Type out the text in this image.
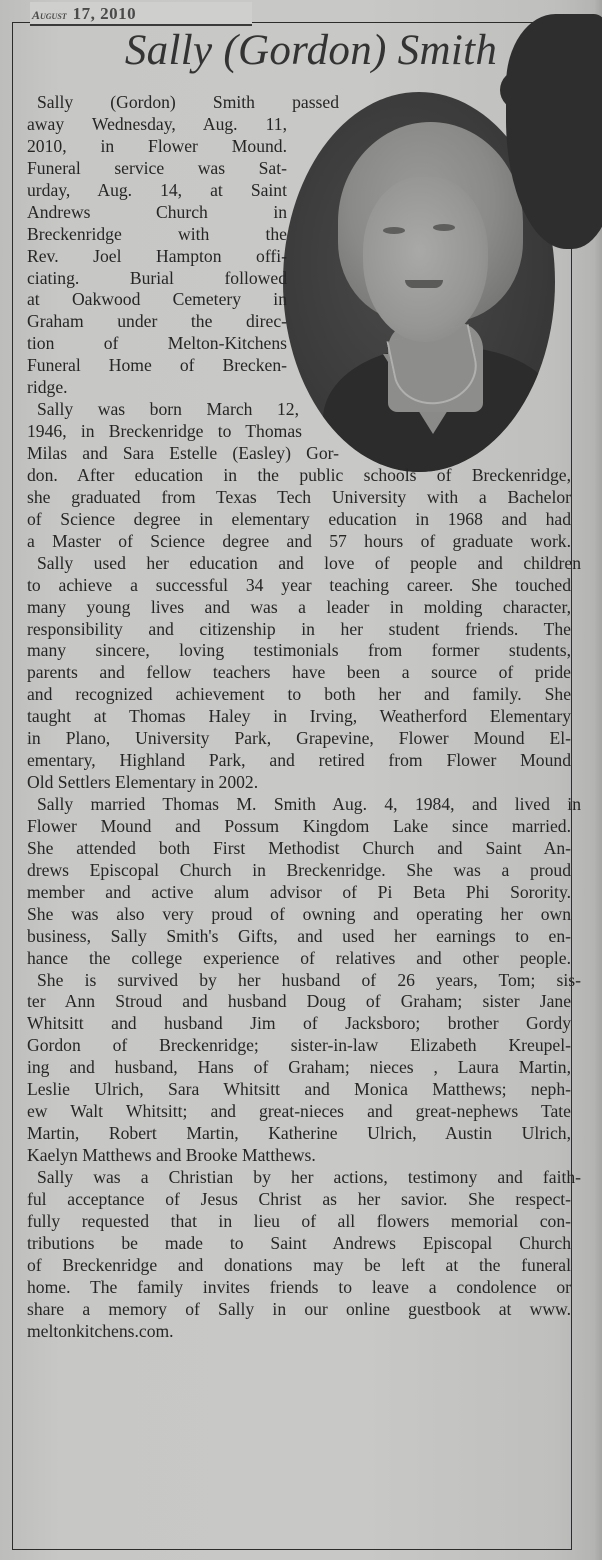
August 17, 2010
Sally (Gordon) Smith
Sally (Gordon) Smith passed
away Wednesday, Aug. 11,
2010, in Flower Mound.
Funeral service was Sat-
urday, Aug. 14, at Saint
Andrews Church in
Breckenridge with the
Rev. Joel Hampton offi-
ciating. Burial followed
at Oakwood Cemetery in
Graham under the direc-
tion of Melton-Kitchens
Funeral Home of Brecken-
ridge.
Sally was born March 12,
1946, in Breckenridge to Thomas
Milas and Sara Estelle (Easley) Gor-
don. After education in the public schools of Breckenridge,
she graduated from Texas Tech University with a Bachelor
of Science degree in elementary education in 1968 and had
a Master of Science degree and 57 hours of graduate work.
Sally used her education and love of people and children
to achieve a successful 34 year teaching career. She touched
many young lives and was a leader in molding character,
responsibility and citizenship in her student friends. The
many sincere, loving testimonials from former students,
parents and fellow teachers have been a source of pride
and recognized achievement to both her and family. She
taught at Thomas Haley in Irving, Weatherford Elementary
in Plano, University Park, Grapevine, Flower Mound El-
ementary, Highland Park, and retired from Flower Mound
Old Settlers Elementary in 2002.
Sally married Thomas M. Smith Aug. 4, 1984, and lived in
Flower Mound and Possum Kingdom Lake since married.
She attended both First Methodist Church and Saint An-
drews Episcopal Church in Breckenridge. She was a proud
member and active alum advisor of Pi Beta Phi Sorority.
She was also very proud of owning and operating her own
business, Sally Smith's Gifts, and used her earnings to en-
hance the college experience of relatives and other people.
She is survived by her husband of 26 years, Tom; sis-
ter Ann Stroud and husband Doug of Graham; sister Jane
Whitsitt and husband Jim of Jacksboro; brother Gordy
Gordon of Breckenridge; sister-in-law Elizabeth Kreupel-
ing and husband, Hans of Graham; nieces , Laura Martin,
Leslie Ulrich, Sara Whitsitt and Monica Matthews; neph-
ew Walt Whitsitt; and great-nieces and great-nephews Tate
Martin, Robert Martin, Katherine Ulrich, Austin Ulrich,
Kaelyn Matthews and Brooke Matthews.
Sally was a Christian by her actions, testimony and faith-
ful acceptance of Jesus Christ as her savior. She respect-
fully requested that in lieu of all flowers memorial con-
tributions be made to Saint Andrews Episcopal Church
of Breckenridge and donations may be left at the funeral
home. The family invites friends to leave a condolence or
share a memory of Sally in our online guestbook at www.
meltonkitchens.com.
